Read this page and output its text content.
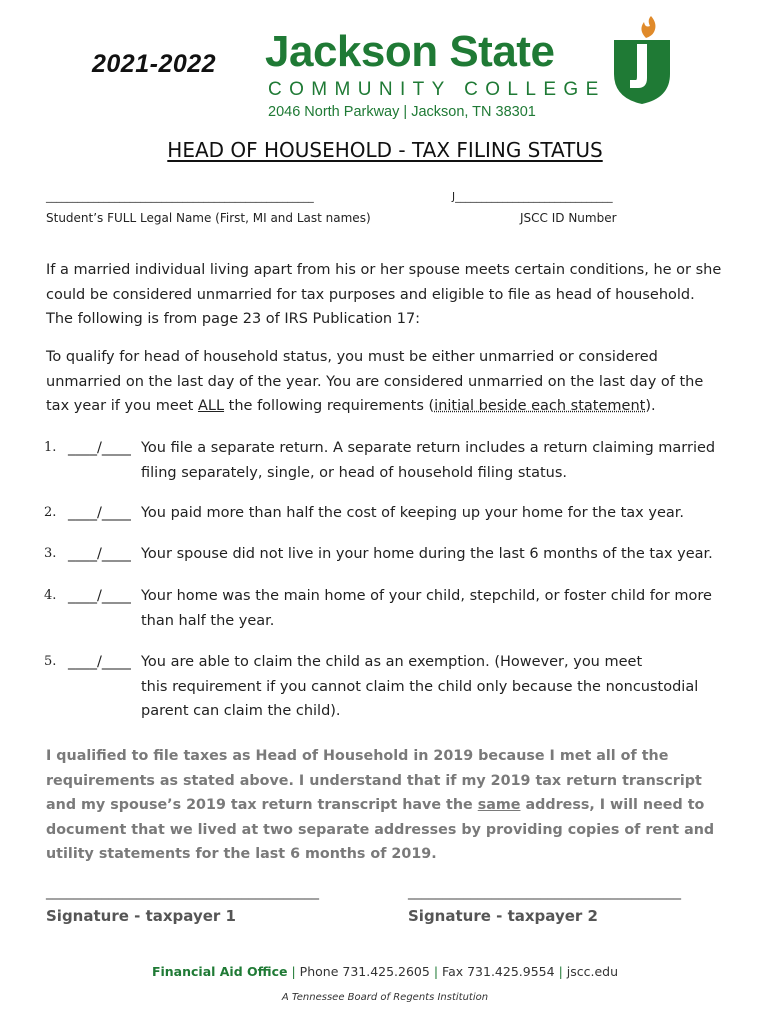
2021-2022 Jackson State
COMMUNITY COLLEGE
2046 North Parkway | Jackson, TN 38301
HEAD OF HOUSEHOLD - TAX FILING STATUS
___________________________________________________	J______________________________
Student’s FULL Legal Name (First, MI and Last names)	JSCC ID Number

If a married individual living apart from his or her spouse meets certain conditions, he or she could be considered unmarried for tax purposes and eligible to file as head of household. The following is from page 23 of IRS Publication 17:

To qualify for head of household status, you must be either unmarried or considered unmarried on the last day of the year. You are considered unmarried on the last day of the tax year if you meet ALL the following requirements (initial beside each statement).

1. ____/____ You file a separate return. A separate return includes a return claiming married filing separately, single, or head of household filing status.
2. ____/____ You paid more than half the cost of keeping up your home for the tax year.
3. ____/____ Your spouse did not live in your home during the last 6 months of the tax year.
4. ____/____ Your home was the main home of your child, stepchild, or foster child for more than half the year.
5. ____/____ You are able to claim the child as an exemption. (However, you meet
this requirement if you cannot claim the child only because the noncustodial parent can claim the child).

I qualified to file taxes as Head of Household in 2019 because I met all of the requirements as stated above. I understand that if my 2019 tax return transcript and my spouse’s 2019 tax return transcript have the same address, I will need to document that we lived at two separate addresses by providing copies of rent and utility statements for the last 6 months of 2019.

_______________________________________
Signature - taxpayer 1
_______________________________________
Signature - taxpayer 2
Financial Aid Office | Phone 731.425.2605 | Fax 731.425.9554 | jscc.edu
A Tennessee Board of Regents Institution
